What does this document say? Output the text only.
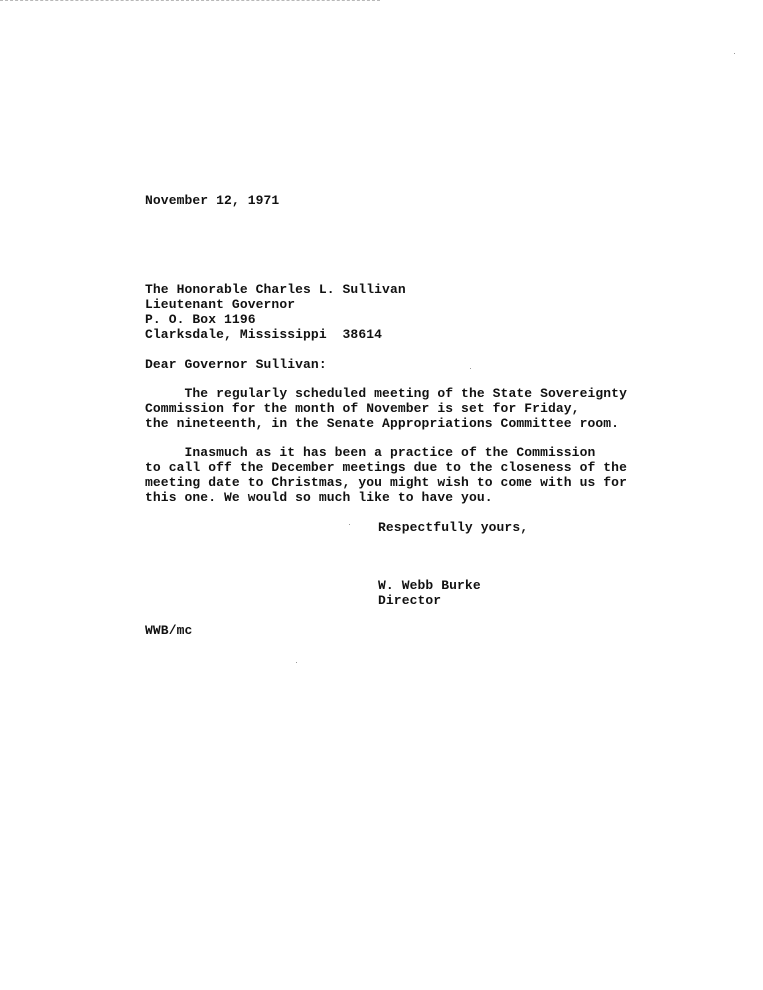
November 12, 1971
The Honorable Charles L. Sullivan
Lieutenant Governor
P. O. Box 1196
Clarksdale, Mississippi  38614
Dear Governor Sullivan:
The regularly scheduled meeting of the State Sovereignty
Commission for the month of November is set for Friday,
the nineteenth, in the Senate Appropriations Committee room.
Inasmuch as it has been a practice of the Commission
to call off the December meetings due to the closeness of the
meeting date to Christmas, you might wish to come with us for
this one. We would so much like to have you.
Respectfully yours,
W. Webb Burke
Director
WWB/mc
